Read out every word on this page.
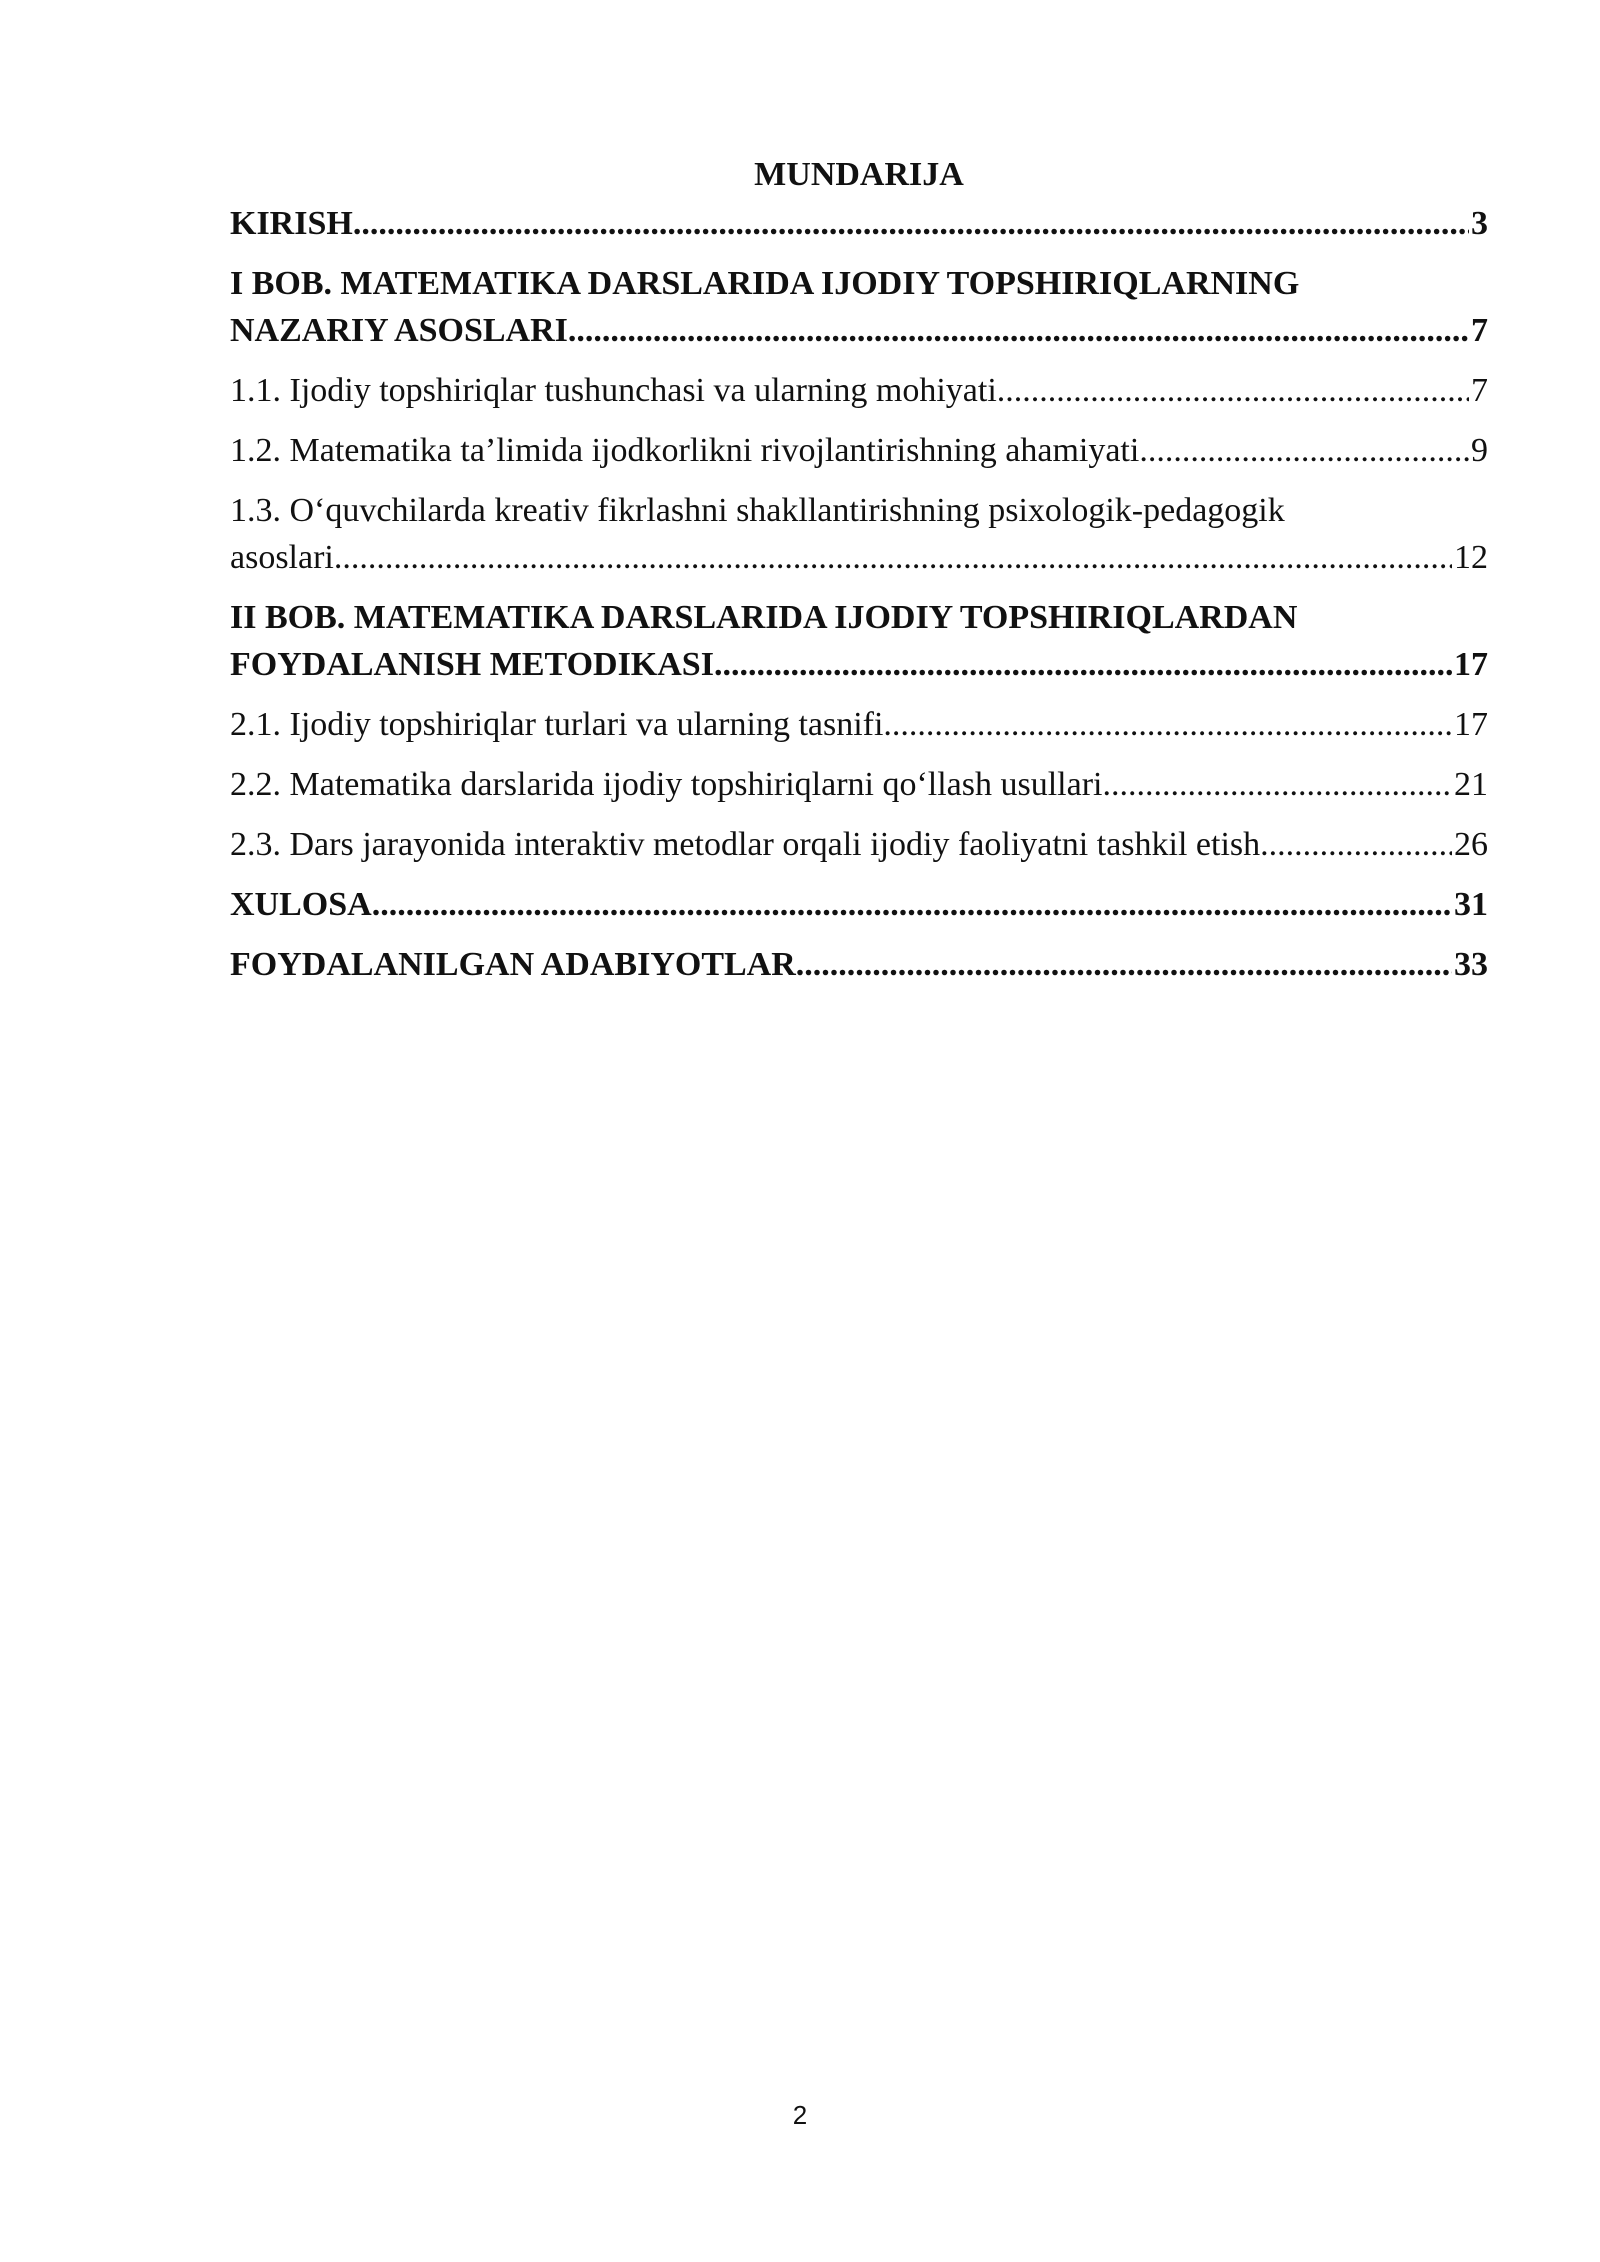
MUNDARIJA
KIRISH .....	3
I BOB. MATEMATIKA DARSLARIDA IJODIY TOPSHIRIQLARNING
NAZARIY ASOSLARI .....	7
1.1. Ijodiy topshiriqlar tushunchasi va ularning mohiyati .....	7
1.2. Matematika ta’limida ijodkorlikni rivojlantirishning ahamiyati .....	9
1.3. O‘quvchilarda kreativ fikrlashni shakllantirishning psixologik-pedagogik
asoslari .....	12
II BOB. MATEMATIKA DARSLARIDA IJODIY TOPSHIRIQLARDAN
FOYDALANISH METODIKASI .....	17
2.1. Ijodiy topshiriqlar turlari va ularning tasnifi .....	17
2.2. Matematika darslarida ijodiy topshiriqlarni qo‘llash usullari .....	21
2.3. Dars jarayonida interaktiv metodlar orqali ijodiy faoliyatni tashkil etish .....	26
XULOSA .....	31
FOYDALANILGAN ADABIYOTLAR .....	33
2
